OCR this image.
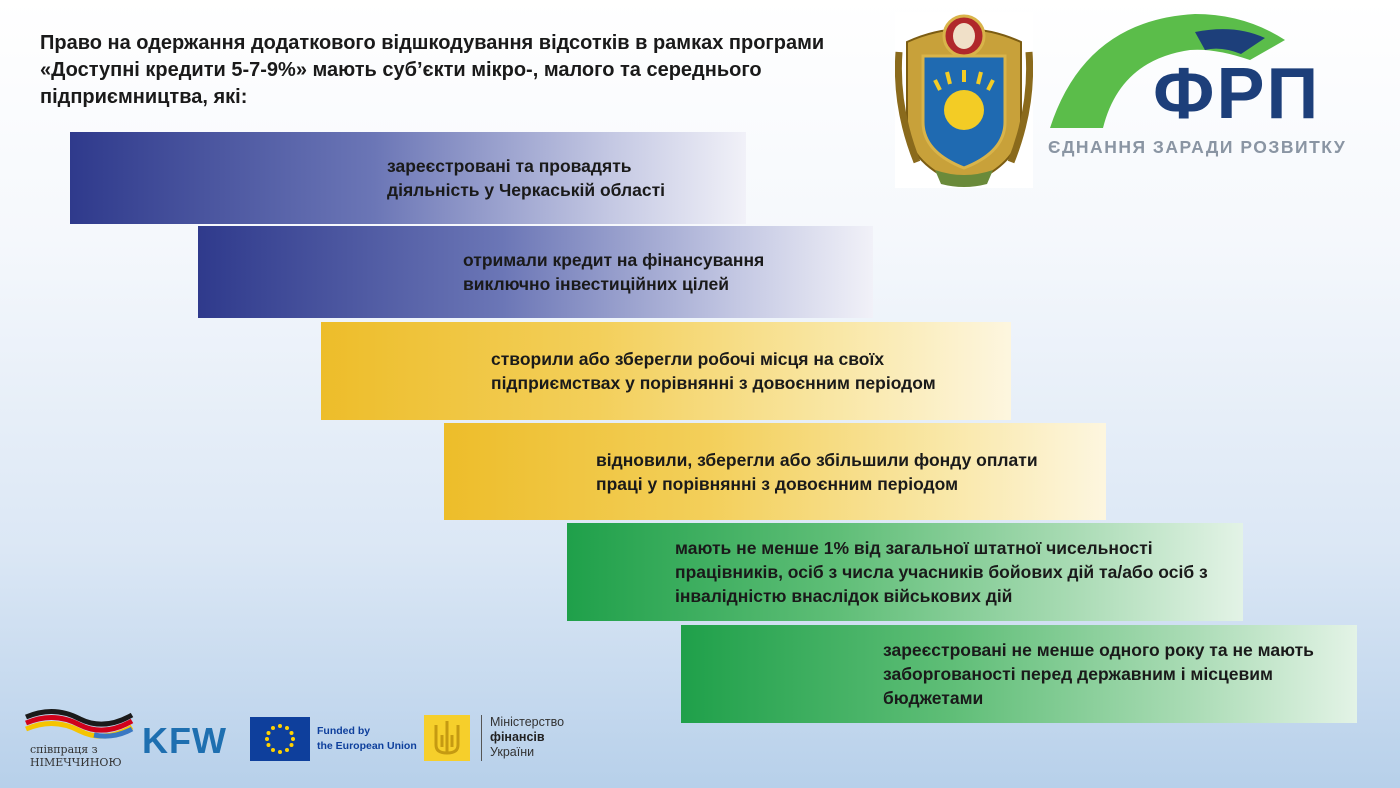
Право на одержання додаткового відшкодування відсотків в рамках програми «Доступні кредити 5-7-9%» мають суб’єкти мікро-, малого та середнього підприємництва, які:
зареєстровані та провадять діяльність у Черкаській області
отримали кредит на фінансування виключно інвестиційних цілей
створили або зберегли робочі місця на своїх підприємствах у порівнянні з довоєнним періодом
відновили, зберегли або збільшили фонду оплати праці у порівнянні з довоєнним періодом
мають не менше 1% від загальної штатної чисельності працівників, осіб з числа учасників бойових дій та/або осіб з інвалідністю внаслідок військових дій
зареєстровані не менше одного року та не мають заборгованості перед державним і місцевим бюджетами
ФРП
ЄДНАННЯ ЗАРАДИ РОЗВИТКУ
співпраця з
НІМЕЧЧИНОЮ
KFW	Funded by
the European Union
Міністерство
фінансів
України
